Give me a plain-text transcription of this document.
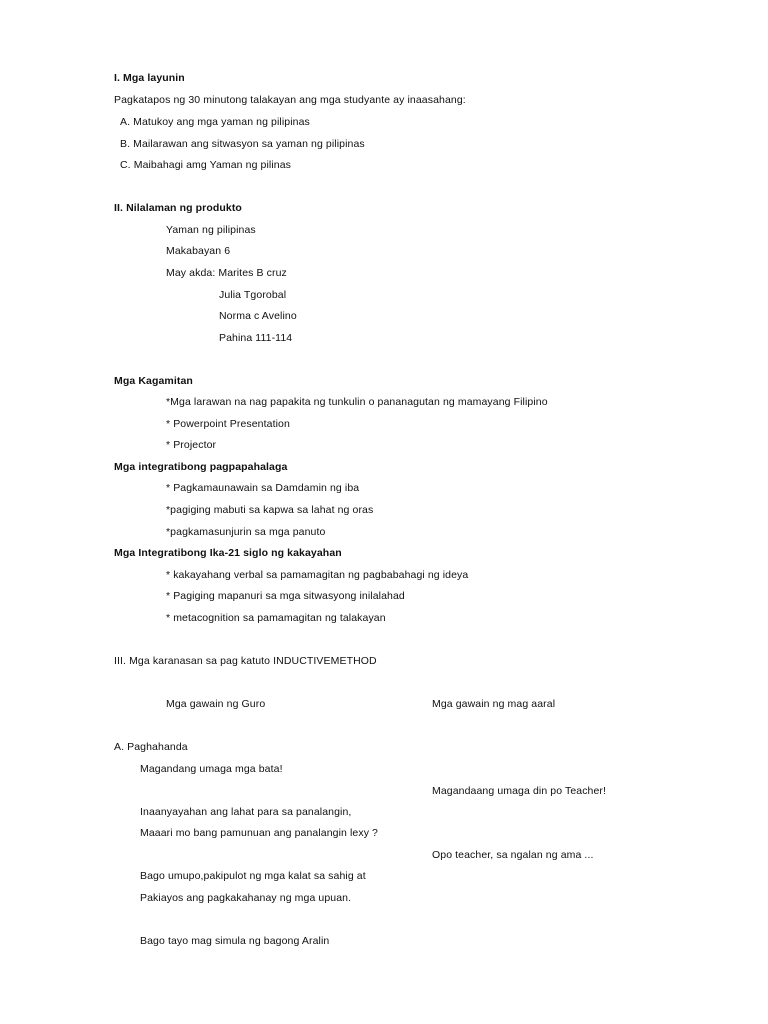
I. Mga layunin
Pagkatapos ng 30 minutong talakayan ang mga studyante ay inaasahang:
A. Matukoy ang mga yaman ng pilipinas
B. Mailarawan ang sitwasyon sa yaman ng pilipinas
C. Maibahagi amg Yaman ng pilinas
II. Nilalaman ng produkto
Yaman ng pilipinas
Makabayan 6
May akda: Marites B cruz
Julia Tgorobal
Norma c Avelino
Pahina 111-114
Mga Kagamitan
*Mga larawan na nag papakita ng tunkulin o pananagutan ng mamayang Filipino
* Powerpoint Presentation
* Projector
Mga integratibong pagpapahalaga
* Pagkamaunawain sa Damdamin ng iba
*pagiging mabuti sa kapwa sa lahat ng oras
*pagkamasunjurin sa mga panuto
Mga Integratibong Ika-21 siglo ng kakayahan
* kakayahang verbal sa pamamagitan ng pagbabahagi ng ideya
* Pagiging mapanuri sa mga sitwasyong inilalahad
* metacognition sa pamamagitan ng talakayan
III. Mga karanasan sa pag katuto INDUCTIVEMETHOD
Mga gawain ng Guro	Mga gawain ng mag aaral
A. Paghahanda
Magandang umaga mga bata!
Magandaang umaga din po Teacher!
Inaanyayahan ang lahat para sa panalangin,
Maaari mo bang pamunuan ang panalangin lexy ?
Opo teacher, sa ngalan ng ama ...
Bago umupo,pakipulot ng mga kalat sa sahig at
Pakiayos ang pagkakahanay ng mga upuan.
Bago tayo mag simula ng bagong Aralin
